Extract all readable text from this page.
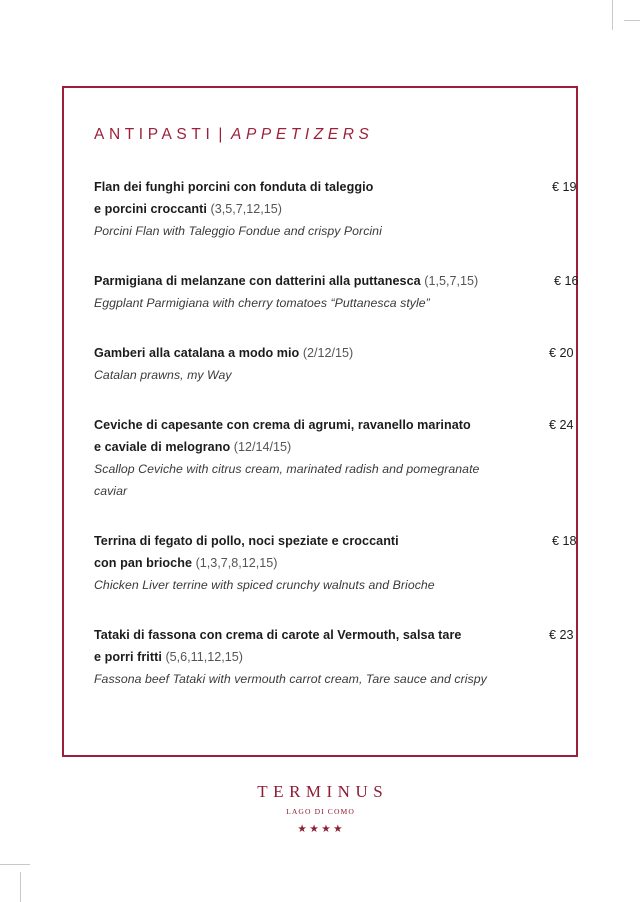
ANTIPASTI | APPETIZERS
Flan dei funghi porcini con fonduta di taleggio
e porcini croccanti (3,5,7,12,15)
Porcini Flan with Taleggio Fondue and crispy Porcini
€ 19
Parmigiana di melanzane con datterini alla puttanesca (1,5,7,15)
Eggplant Parmigiana with cherry tomatoes “Puttanesca style”
€ 16
Gamberi alla catalana a modo mio (2/12/15)
Catalan prawns, my Way
€ 20
Ceviche di capesante con crema di agrumi, ravanello marinato
e caviale di melograno (12/14/15)
Scallop Ceviche with citrus cream, marinated radish and pomegranate caviar
€ 24
Terrina di fegato di pollo, noci speziate e croccanti
con pan brioche (1,3,7,8,12,15)
Chicken Liver terrine with spiced crunchy walnuts and Brioche
€ 18
Tataki di fassona con crema di carote al Vermouth, salsa tare
e porri fritti (5,6,11,12,15)
Fassona beef Tataki with vermouth carrot cream, Tare sauce and crispy
€ 23
TERMINUS
LAGO DI COMO
★★★★
